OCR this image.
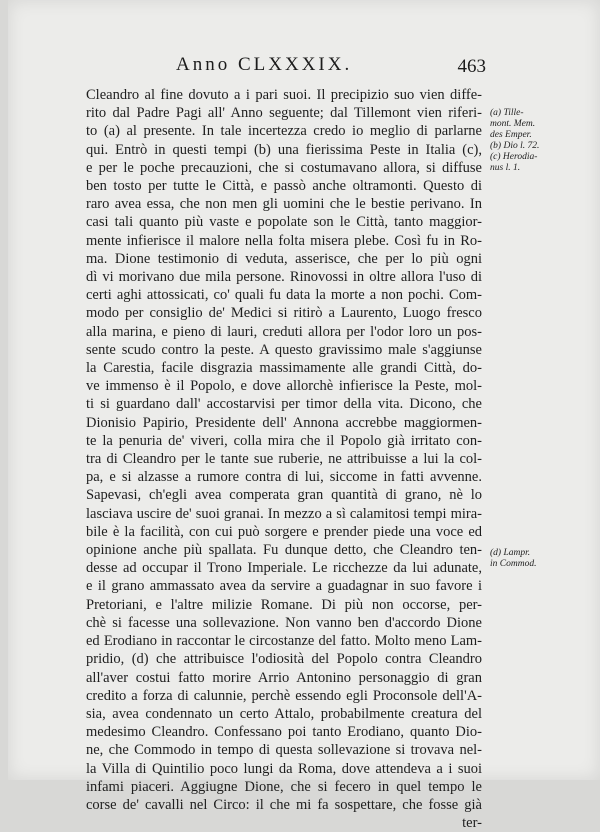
Anno CLXXXIX.	463
Cleandro al fine dovuto a i pari suoi. Il precipizio suo vien diffe-
rito dal Padre Pagi all' Anno seguente; dal Tillemont vien riferi-
to (a) al presente. In tale incertezza credo io meglio di parlarne
qui. Entrò in questi tempi (b) una fierissima Peste in Italia (c),
e per le poche precauzioni, che si costumavano allora, si diffuse
ben tosto per tutte le Città, e passò anche oltramonti. Questo di
raro avea essa, che non men gli uomini che le bestie perivano. In
casi tali quanto più vaste e popolate son le Città, tanto maggior-
mente infierisce il malore nella folta misera plebe. Così fu in Ro-
ma. Dione testimonio di veduta, asserisce, che per lo più ogni
dì vi morivano due mila persone. Rinovossi in oltre allora l'uso di
certi aghi attossicati, co' quali fu data la morte a non pochi. Com-
modo per consiglio de' Medici si ritirò a Laurento, Luogo fresco
alla marina, e pieno di lauri, creduti allora per l'odor loro un pos-
sente scudo contro la peste. A questo gravissimo male s'aggiunse
la Carestia, facile disgrazia massimamente alle grandi Città, do-
ve immenso è il Popolo, e dove allorchè infierisce la Peste, mol-
ti si guardano dall' accostarvisi per timor della vita. Dicono, che
Dionisio Papirio, Presidente dell' Annona accrebbe maggiormen-
te la penuria de' viveri, colla mira che il Popolo già irritato con-
tra di Cleandro per le tante sue ruberie, ne attribuisse a lui la col-
pa, e si alzasse a rumore contra di lui, siccome in fatti avvenne.
Sapevasi, ch'egli avea comperata gran quantità di grano, nè lo
lasciava uscire de' suoi granai. In mezzo a sì calamitosi tempi mira-
bile è la facilità, con cui può sorgere e prender piede una voce ed
opinione anche più spallata. Fu dunque detto, che Cleandro ten-
desse ad occupar il Trono Imperiale. Le ricchezze da lui adunate,
e il grano ammassato avea da servire a guadagnar in suo favore i
Pretoriani, e l'altre milizie Romane. Di più non occorse, per-
chè si facesse una sollevazione. Non vanno ben d'accordo Dione
ed Erodiano in raccontar le circostanze del fatto. Molto meno Lam-
pridio, (d) che attribuisce l'odiosità del Popolo contra Cleandro
all'aver costui fatto morire Arrio Antonino personaggio di gran
credito a forza di calunnie, perchè essendo egli Proconsole dell'A-
sia, avea condennato un certo Attalo, probabilmente creatura del
medesimo Cleandro. Confessano poi tanto Erodiano, quanto Dio-
ne, che Commodo in tempo di questa sollevazione si trovava nel-
la Villa di Quintilio poco lungi da Roma, dove attendeva a i suoi
infami piaceri. Aggiugne Dione, che si fecero in quel tempo le
corse de' cavalli nel Circo: il che mi fa sospettare, che fosse già
ter-
(a) Tille-
mont. Mem.
des Emper.
(b) Dio l. 72.
(c) Herodia-
nus l. 1.
(d) Lampr.
in Commod.
